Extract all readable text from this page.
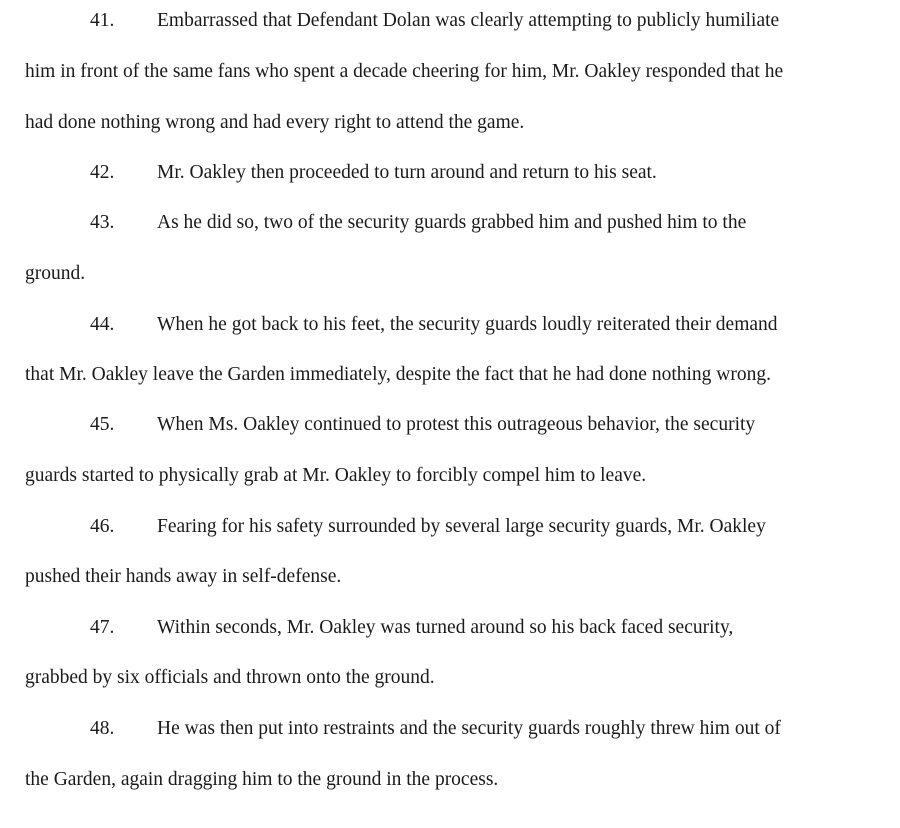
41. Embarrassed that Defendant Dolan was clearly attempting to publicly humiliate
him in front of the same fans who spent a decade cheering for him, Mr. Oakley responded that he
had done nothing wrong and had every right to attend the game.
42. Mr. Oakley then proceeded to turn around and return to his seat.
43. As he did so, two of the security guards grabbed him and pushed him to the
ground.
44. When he got back to his feet, the security guards loudly reiterated their demand
that Mr. Oakley leave the Garden immediately, despite the fact that he had done nothing wrong.
45. When Ms. Oakley continued to protest this outrageous behavior, the security
guards started to physically grab at Mr. Oakley to forcibly compel him to leave.
46. Fearing for his safety surrounded by several large security guards, Mr. Oakley
pushed their hands away in self-defense.
47. Within seconds, Mr. Oakley was turned around so his back faced security,
grabbed by six officials and thrown onto the ground.
48. He was then put into restraints and the security guards roughly threw him out of
the Garden, again dragging him to the ground in the process.
